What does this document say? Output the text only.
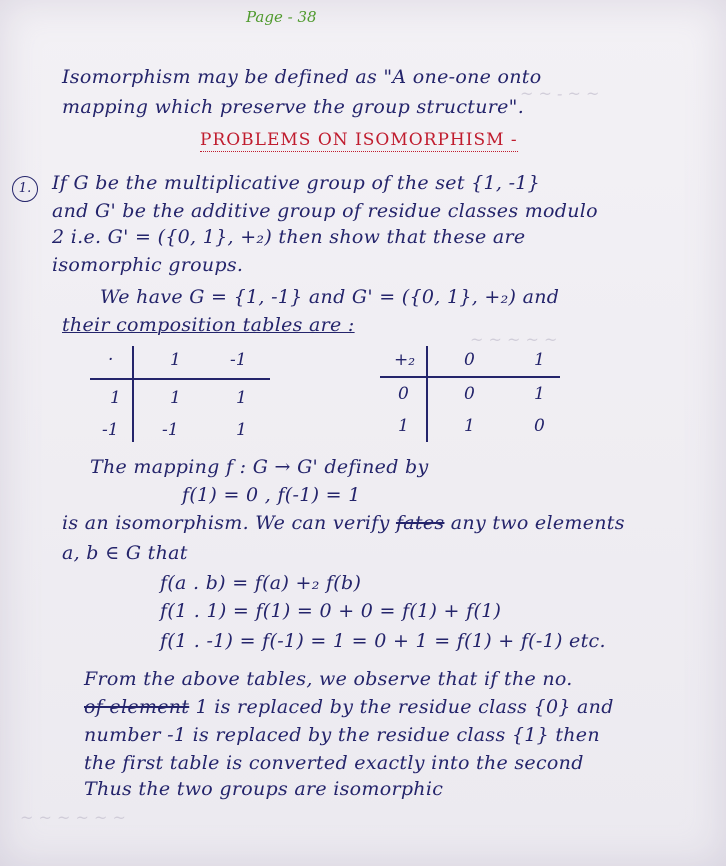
~ ~ - ~ ~
~ ~ ~ ~ ~
~ ~ ~ ~ ~ ~
Page - 38
Isomorphism may be defined as "A one-one onto
mapping which preserve the group structure".
PROBLEMS ON ISOMORPHISM -
1.	If G be the multiplicative group of the set {1, -1}
and G' be the additive group of residue classes modulo
2 i.e. G' = ({0, 1}, +₂) then show that these are
isomorphic groups.
We have G = {1, -1} and G' = ({0, 1}, +₂) and
their composition tables are :
·	1	-1
1	1	1
-1	-1	1
+₂	0	1
0	0	1
1	1	0
The mapping f : G → G' defined by
f(1) = 0 , f(-1) = 1
is an isomorphism. We can verify fates any two elements
a, b ∈ G that
f(a . b) = f(a) +₂ f(b)
f(1 . 1) = f(1) = 0 + 0 = f(1) + f(1)
f(1 . -1) = f(-1) = 1 = 0 + 1 = f(1) + f(-1) etc.
From the above tables, we observe that if the no.
of element 1 is replaced by the residue class {0} and
number -1 is replaced by the residue class {1} then
the first table is converted exactly into the second
Thus the two groups are isomorphic
